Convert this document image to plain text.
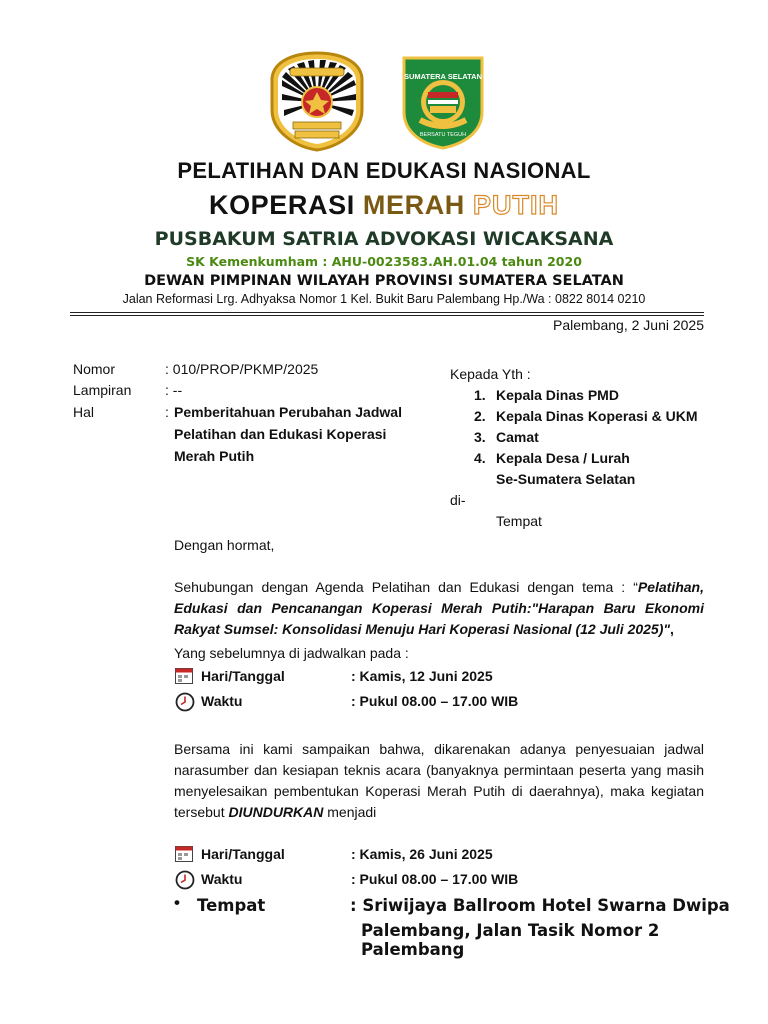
SUMATERA SELATAN
BERSATU TEGUH
PELATIHAN DAN EDUKASI NASIONAL
KOPERASI MERAH PUTIH
PUSBAKUM SATRIA ADVOKASI WICAKSANA
SK Kemenkumham : AHU-0023583.AH.01.04 tahun 2020
DEWAN PIMPINAN WILAYAH PROVINSI SUMATERA SELATAN
Jalan Reformasi Lrg. Adhyaksa Nomor 1 Kel. Bukit Baru Palembang Hp./Wa : 0822 8014 0210
Palembang, 2 Juni 2025
Nomor	: 010/PROP/PKMP/2025
Lampiran : --
Hal	: Pemberitahuan Perubahan Jadwal
Pelatihan dan Edukasi Koperasi
Merah Putih
Kepada Yth :
1. Kepala Dinas PMD
2. Kepala Dinas Koperasi & UKM
3. Camat
4. Kepala Desa / Lurah
Se-Sumatera Selatan
di-
Tempat
Dengan hormat,
Sehubungan dengan Agenda Pelatihan dan Edukasi dengan tema : “Pelatihan, Edukasi dan Pencanangan Koperasi Merah Putih:"Harapan Baru Ekonomi Rakyat Sumsel: Konsolidasi Menuju Hari Koperasi Nasional (12 Juli 2025)",
Yang sebelumnya di jadwalkan pada :
Hari/Tanggal	: Kamis, 12 Juni 2025
Waktu	: Pukul 08.00 – 17.00 WIB
Bersama ini kami sampaikan bahwa, dikarenakan adanya penyesuaian jadwal narasumber dan kesiapan teknis acara (banyaknya permintaan peserta yang masih menyelesaikan pembentukan Koperasi Merah Putih di daerahnya), maka kegiatan tersebut DIUNDURKAN menjadi
Hari/Tanggal	: Kamis, 26 Juni 2025
Waktu	: Pukul 08.00 – 17.00 WIB
• Tempat	: Sriwijaya Ballroom Hotel Swarna Dwipa
Palembang, Jalan Tasik Nomor 2 Palembang
